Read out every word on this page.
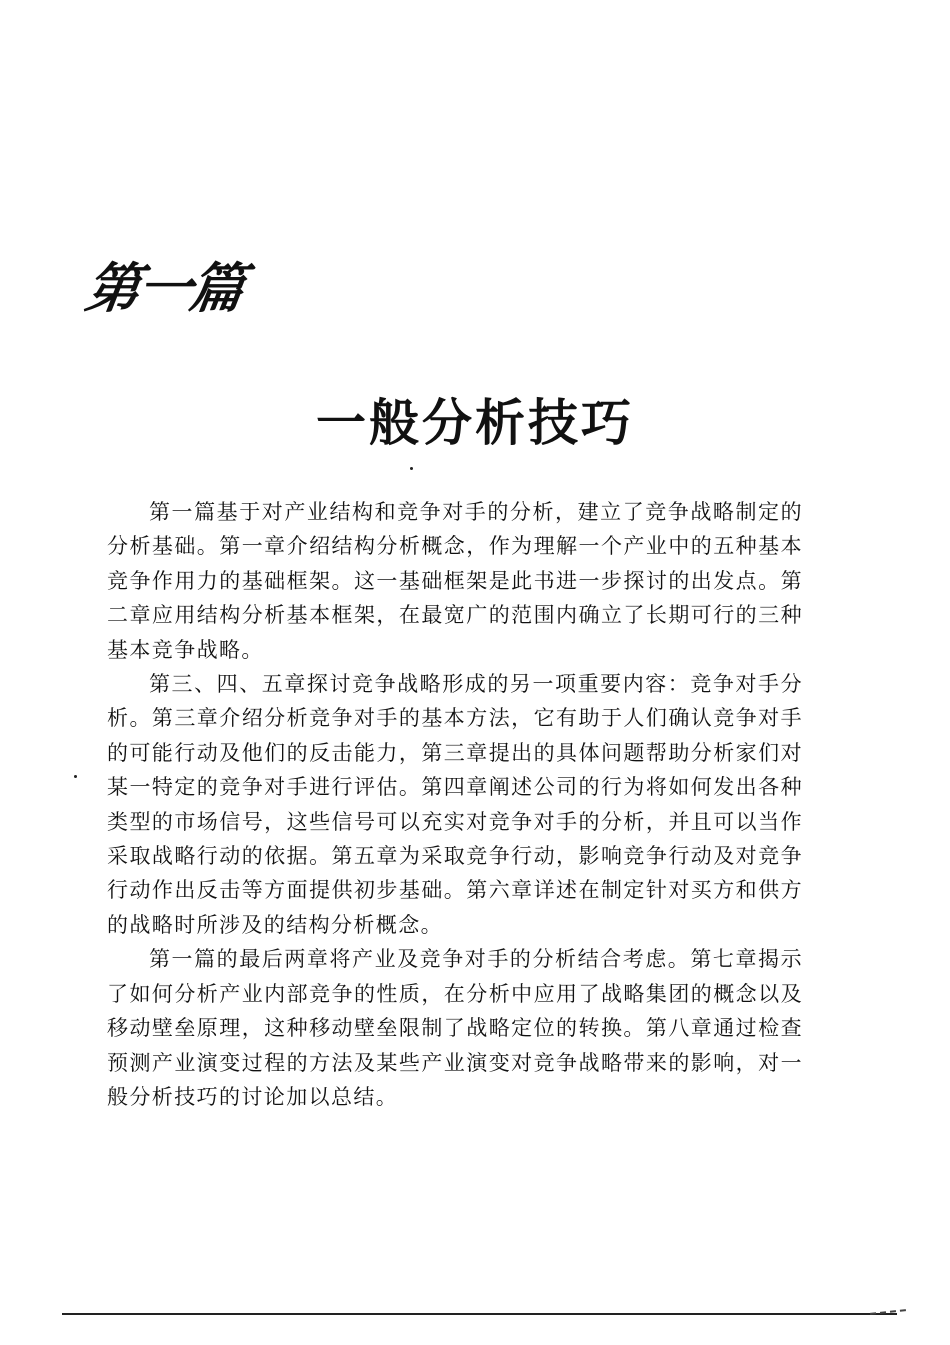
第一篇
一般分析技巧

第一篇基于对产业结构和竞争对手的分析，建立了竞争战略制定的分析基础。第一章介绍结构分析概念，作为理解一个产业中的五种基本竞争作用力的基础框架。这一基础框架是此书进一步探讨的出发点。第二章应用结构分析基本框架，在最宽广的范围内确立了长期可行的三种基本竞争战略。

第三、四、五章探讨竞争战略形成的另一项重要内容：竞争对手分析。第三章介绍分析竞争对手的基本方法，它有助于人们确认竞争对手的可能行动及他们的反击能力，第三章提出的具体问题帮助分析家们对某一特定的竞争对手进行评估。第四章阐述公司的行为将如何发出各种类型的市场信号，这些信号可以充实对竞争对手的分析，并且可以当作采取战略行动的依据。第五章为采取竞争行动，影响竞争行动及对竞争行动作出反击等方面提供初步基础。第六章详述在制定针对买方和供方的战略时所涉及的结构分析概念。

第一篇的最后两章将产业及竞争对手的分析结合考虑。第七章揭示了如何分析产业内部竞争的性质，在分析中应用了战略集团的概念以及移动壁垒原理，这种移动壁垒限制了战略定位的转换。第八章通过检查预测产业演变过程的方法及某些产业演变对竞争战略带来的影响，对一般分析技巧的讨论加以总结。
